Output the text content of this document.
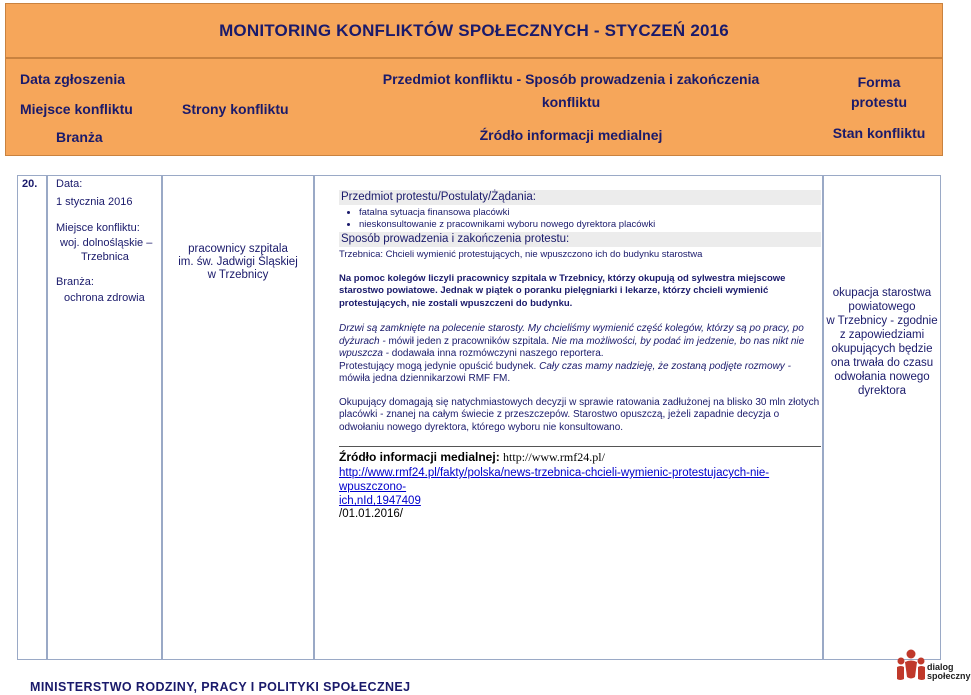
MONITORING KONFLIKTÓW SPOŁECZNYCH - STYCZEŃ 2016
Data zgłoszenia
Miejsce konfliktu
Branża
Strony konfliktu
Przedmiot konfliktu - Sposób prowadzenia i zakończenia
konfliktu
Źródło informacji medialnej
Forma
protestu
Stan konfliktu
20. Data:
1 stycznia 2016
Miejsce konfliktu:
woj. dolnośląskie –
Trzebnica
Branża:
ochrona zdrowia
pracownicy szpitala
im. św. Jadwigi Śląskiej
w Trzebnicy
Przedmiot protestu/Postulaty/Żądania:
• fatalna sytuacja finansowa placówki
• nieskonsultowanie z pracownikami wyboru nowego dyrektora placówki
Sposób prowadzenia i zakończenia protestu:

Trzebnica: Chcieli wymienić protestujących, nie wpuszczono ich do budynku starostwa

Na pomoc kolegów liczyli pracownicy szpitala w Trzebnicy, którzy okupują od sylwestra miejscowe starostwo powiatowe. Jednak w piątek o poranku pielęgniarki i lekarze, którzy chcieli wymienić protestujących, nie zostali wpuszczeni do budynku.

Drzwi są zamknięte na polecenie starosty. My chcieliśmy wymienić część kolegów, którzy są po pracy, po dyżurach - mówił jeden z pracowników szpitala. Nie ma możliwości, by podać im jedzenie, bo nas nikt nie wpuszcza - dodawała inna rozmówczyni naszego reportera.

Protestujący mogą jedynie opuścić budynek. Cały czas mamy nadzieję, że zostaną podjęte rozmowy - mówiła jedna dziennikarzowi RMF FM.

Okupujący domagają się natychmiastowych decyzji w sprawie ratowania zadłużonej na blisko 30 mln złotych placówki - znanej na całym świecie z przeszczepów. Starostwo opuszczą, jeżeli zapadnie decyzja o odwołaniu nowego dyrektora, którego wyboru nie konsultowano.

Źródło informacji medialnej: http://www.rmf24.pl/
http://www.rmf24.pl/fakty/polska/news-trzebnica-chcieli-wymienic-protestujacych-nie-wpuszczono-
ich,nId,1947409
/01.01.2016/
okupacja starostwa
powiatowego
w Trzebnicy - zgodnie
z zapowiedziami
okupujących będzie
ona trwała do czasu
odwołania nowego
dyrektora
MINISTERSTWO RODZINY, PRACY I POLITYKI SPOŁECZNEJ
dialog
społeczny
